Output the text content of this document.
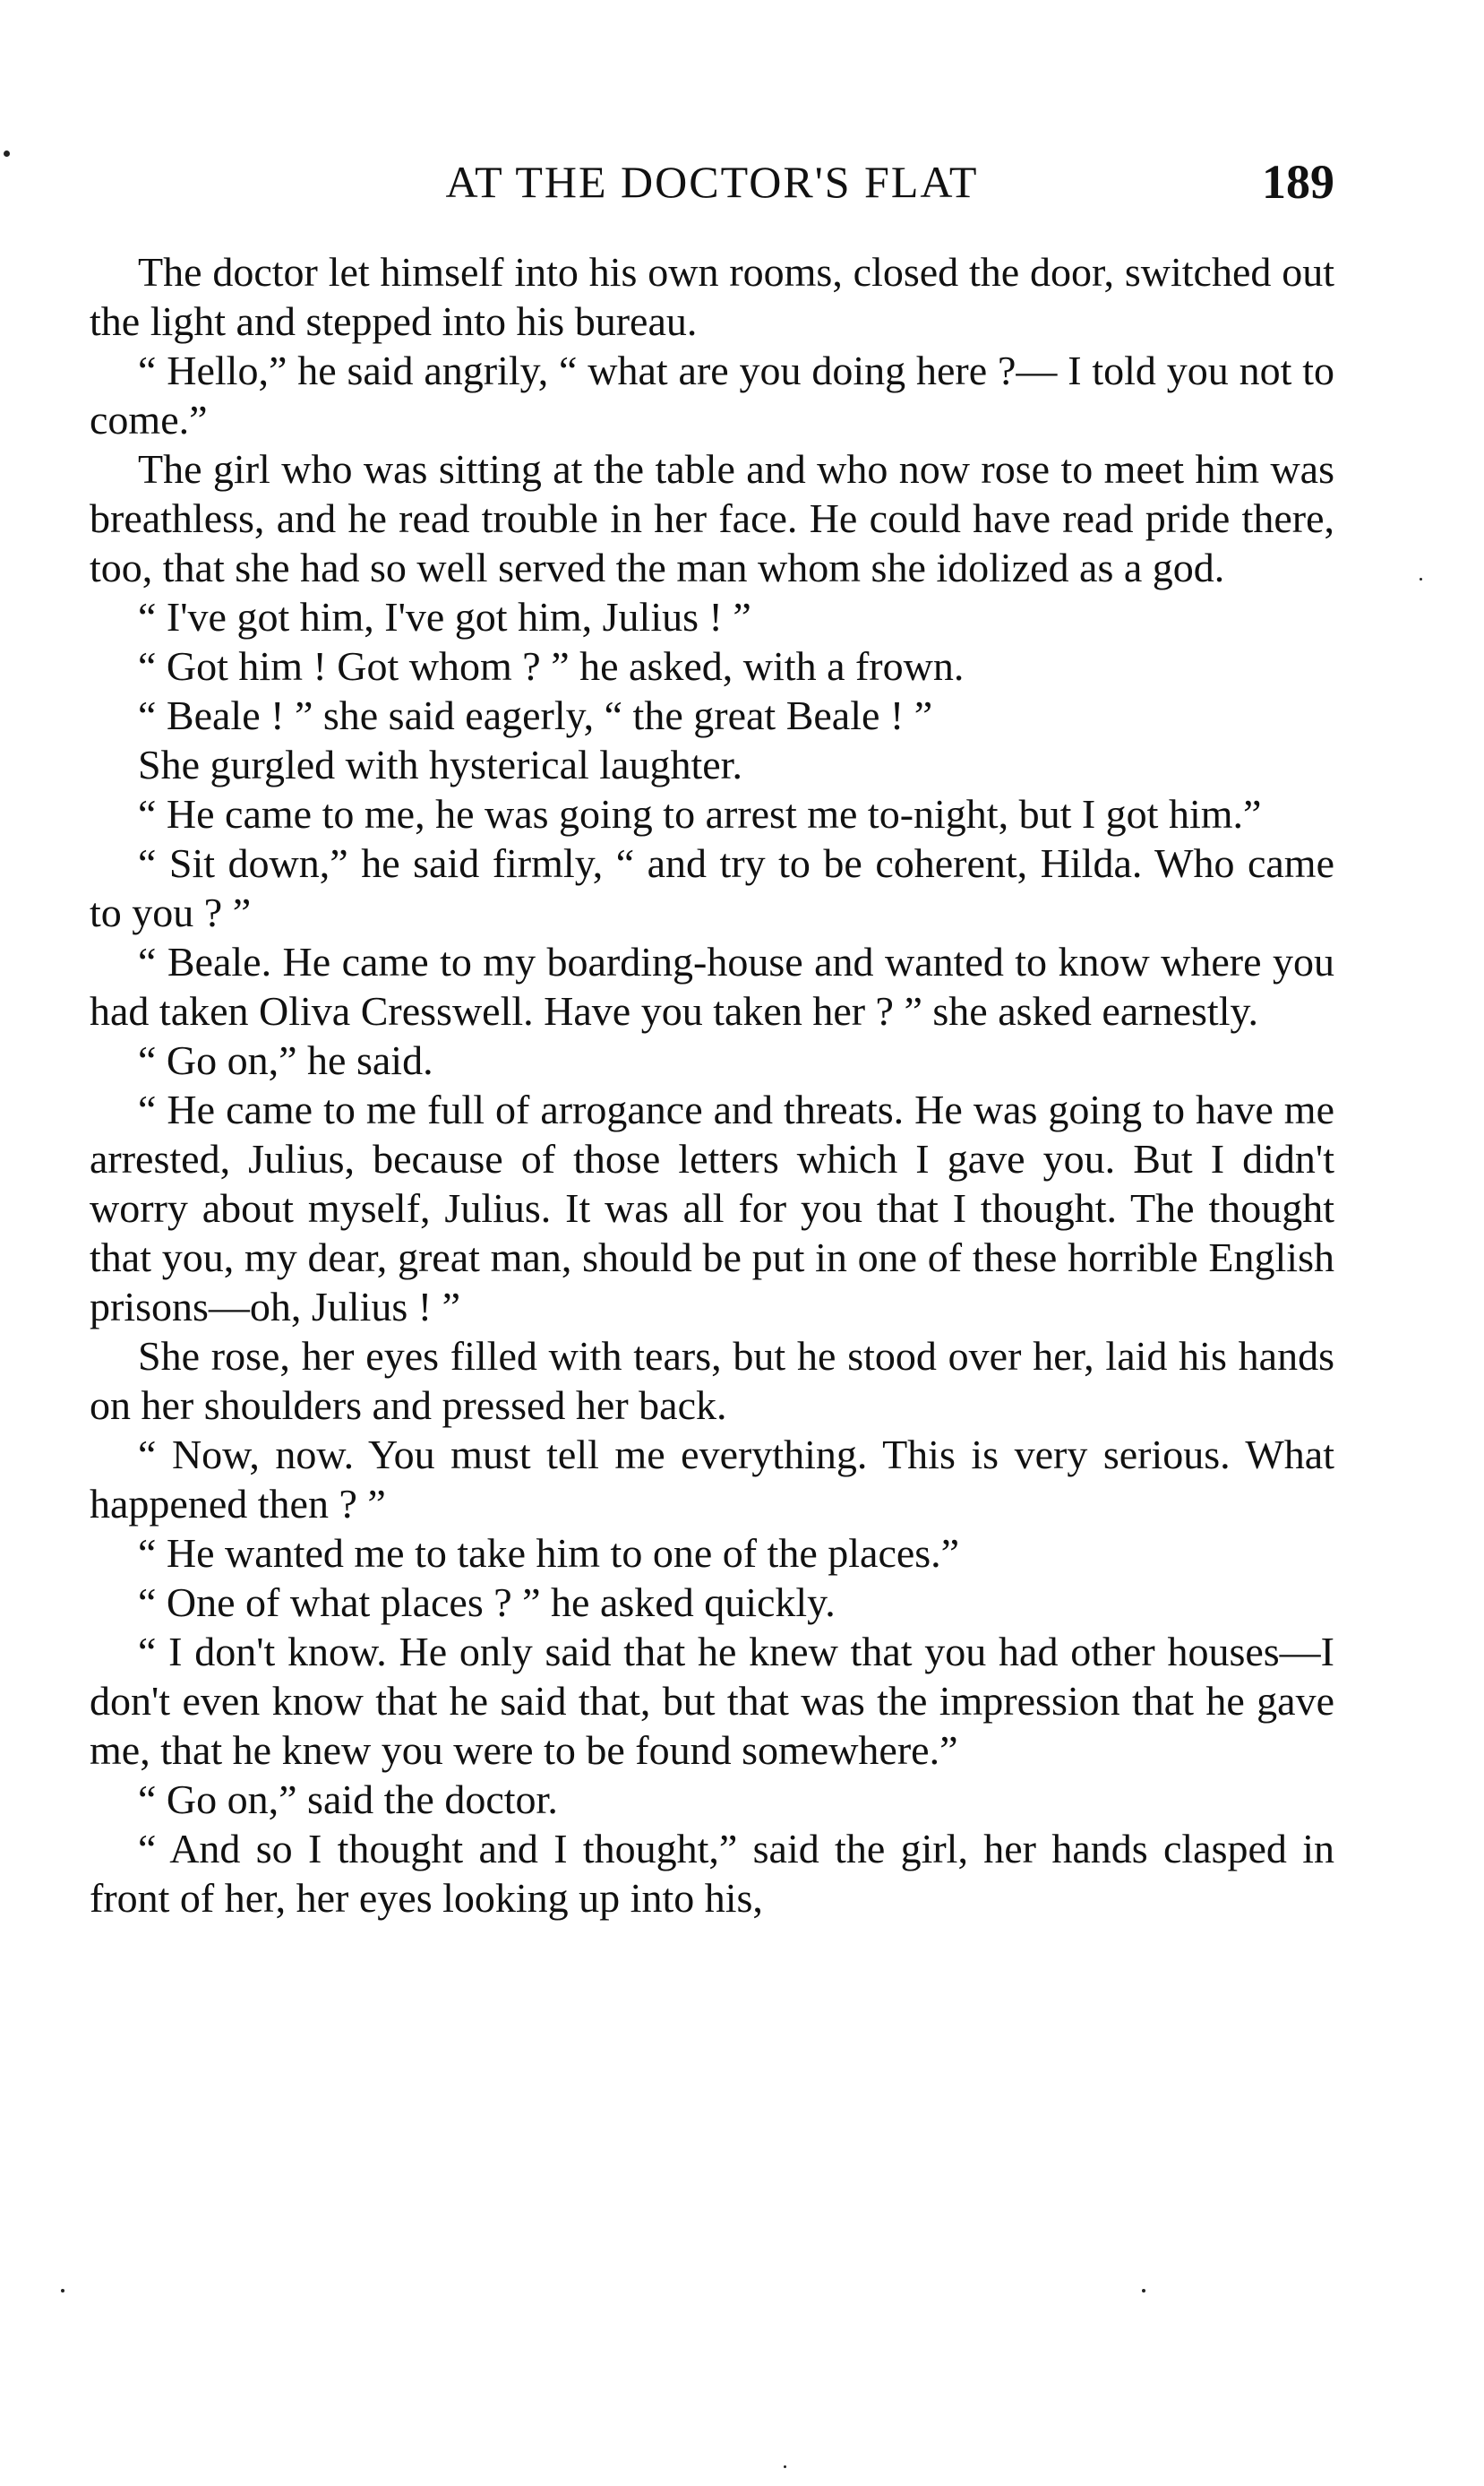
AT THE DOCTOR'S FLAT	189

The doctor let himself into his own rooms, closed the door, switched out the light and stepped into his bureau.

“ Hello,” he said angrily, “ what are you doing here ?— I told you not to come.”

The girl who was sitting at the table and who now rose to meet him was breathless, and he read trouble in her face. He could have read pride there, too, that she had so well served the man whom she idolized as a god.

“ I've got him, I've got him, Julius ! ”

“ Got him ! Got whom ? ” he asked, with a frown.

“ Beale ! ” she said eagerly, “ the great Beale ! ”

She gurgled with hysterical laughter.

“ He came to me, he was going to arrest me to-night, but I got him.”

“ Sit down,” he said firmly, “ and try to be coherent, Hilda. Who came to you ? ”

“ Beale. He came to my boarding-house and wanted to know where you had taken Oliva Cresswell. Have you taken her ? ” she asked earnestly.

“ Go on,” he said.

“ He came to me full of arrogance and threats. He was going to have me arrested, Julius, because of those letters which I gave you. But I didn't worry about myself, Julius. It was all for you that I thought. The thought that you, my dear, great man, should be put in one of these horrible English prisons—oh, Julius ! ”

She rose, her eyes filled with tears, but he stood over her, laid his hands on her shoulders and pressed her back.

“ Now, now. You must tell me everything. This is very serious. What happened then ? ”

“ He wanted me to take him to one of the places.”

“ One of what places ? ” he asked quickly.

“ I don't know. He only said that he knew that you had other houses—I don't even know that he said that, but that was the impression that he gave me, that he knew you were to be found somewhere.”

“ Go on,” said the doctor.

“ And so I thought and I thought,” said the girl, her hands clasped in front of her, her eyes looking up into his,
